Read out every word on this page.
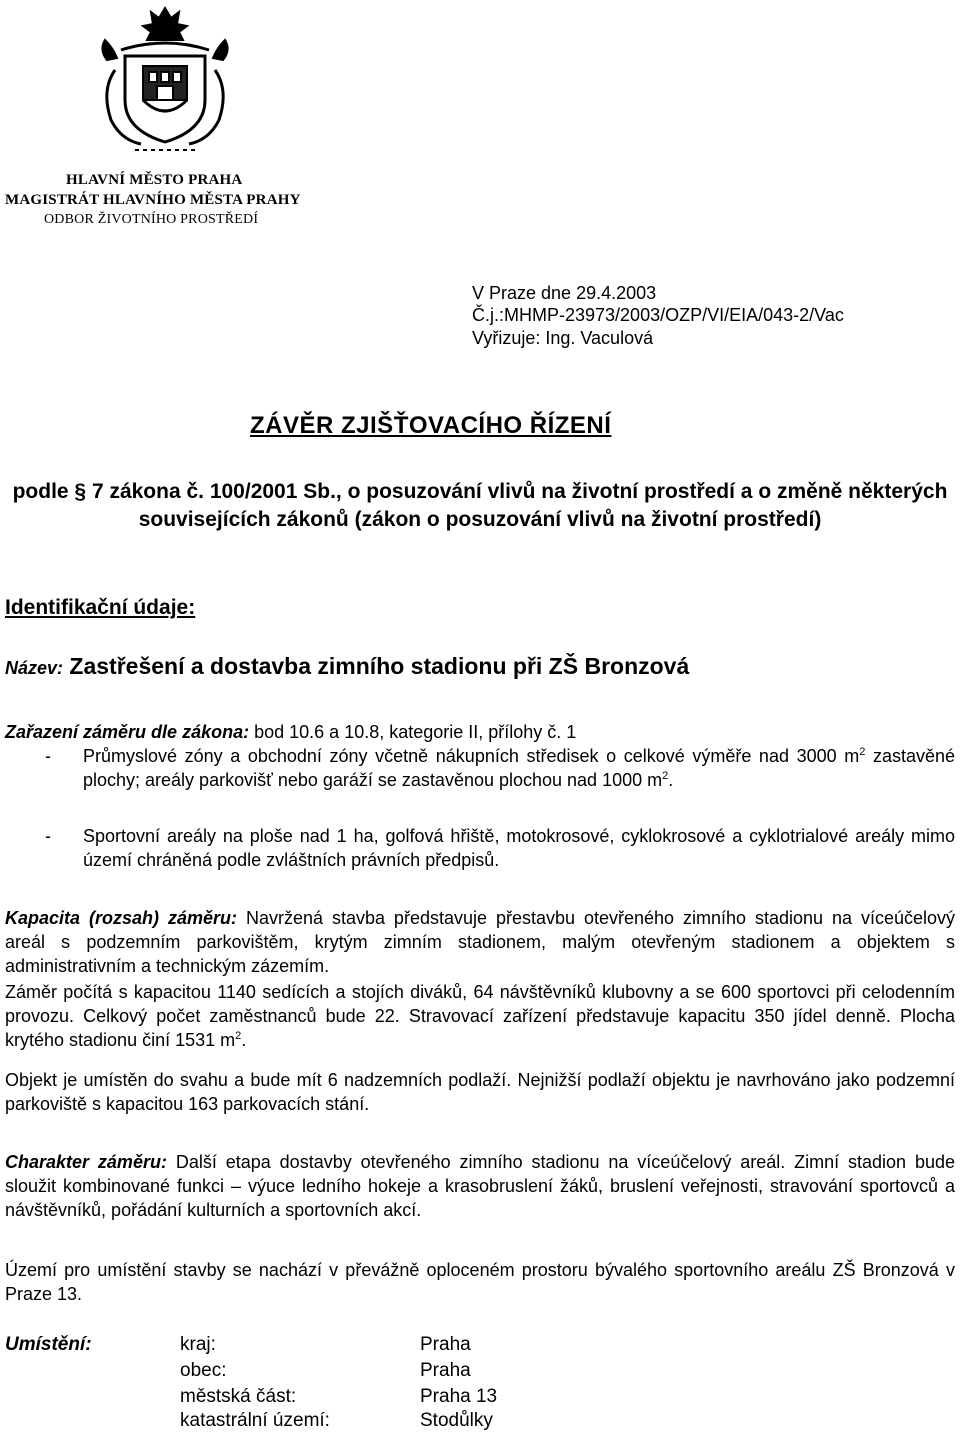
HLAVNÍ MĚSTO PRAHA
MAGISTRÁT HLAVNÍHO MĚSTA PRAHY
ODBOR ŽIVOTNÍHO PROSTŘEDÍ
V Praze dne 29.4.2003
Č.j.:MHMP-23973/2003/OZP/VI/EIA/043-2/Vac
Vyřizuje: Ing. Vaculová
ZÁVĚR ZJIŠŤOVACÍHO ŘÍZENÍ
podle § 7 zákona č. 100/2001 Sb., o posuzování vlivů na životní prostředí a o změně některých souvisejících zákonů (zákon o posuzování vlivů na životní prostředí)
Identifikační údaje:
Název: Zastřešení a dostavba zimního stadionu při ZŠ Bronzová
Zařazení záměru dle zákona: bod 10.6 a 10.8, kategorie II, přílohy č. 1
- Průmyslové zóny a obchodní zóny včetně nákupních středisek o celkové výměře nad 3000 $m^2$ zastavěné plochy; areály parkovišť nebo garáží se zastavěnou plochou nad 1000 $m^2$.
- Sportovní areály na ploše nad 1 ha, golfová hřiště, motokrosové, cyklokrosové a cyklotrialové areály mimo území chráněná podle zvláštních právních předpisů.
Kapacita (rozsah) záměru: Navržená stavba představuje přestavbu otevřeného zimního stadionu na víceúčelový areál s podzemním parkovištěm, krytým zimním stadionem, malým otevřeným stadionem a objektem s administrativním a technickým zázemím.
Záměr počítá s kapacitou 1140 sedících a stojích diváků, 64 návštěvníků klubovny a se 600 sportovci při celodenním provozu. Celkový počet zaměstnanců bude 22. Stravovací zařízení představuje kapacitu 350 jídel denně. Plocha krytého stadionu činí 1531 $m^2$.
Objekt je umístěn do svahu a bude mít 6 nadzemních podlaží. Nejnižší podlaží objektu je navrhováno jako podzemní parkoviště s kapacitou 163 parkovacích stání.
Charakter záměru: Další etapa dostavby otevřeného zimního stadionu na víceúčelový areál. Zimní stadion bude sloužit kombinované funkci – výuce ledního hokeje a krasobruslení žáků, bruslení veřejnosti, stravování sportovců a návštěvníků, pořádání kulturních a sportovních akcí.
Území pro umístění stavby se nachází v převážně oploceném prostoru bývalého sportovního areálu ZŠ Bronzová v Praze 13.
Umístění:	kraj:	Praha
obec:	Praha
městská část:	Praha 13
katastrální území:	Stodůlky
